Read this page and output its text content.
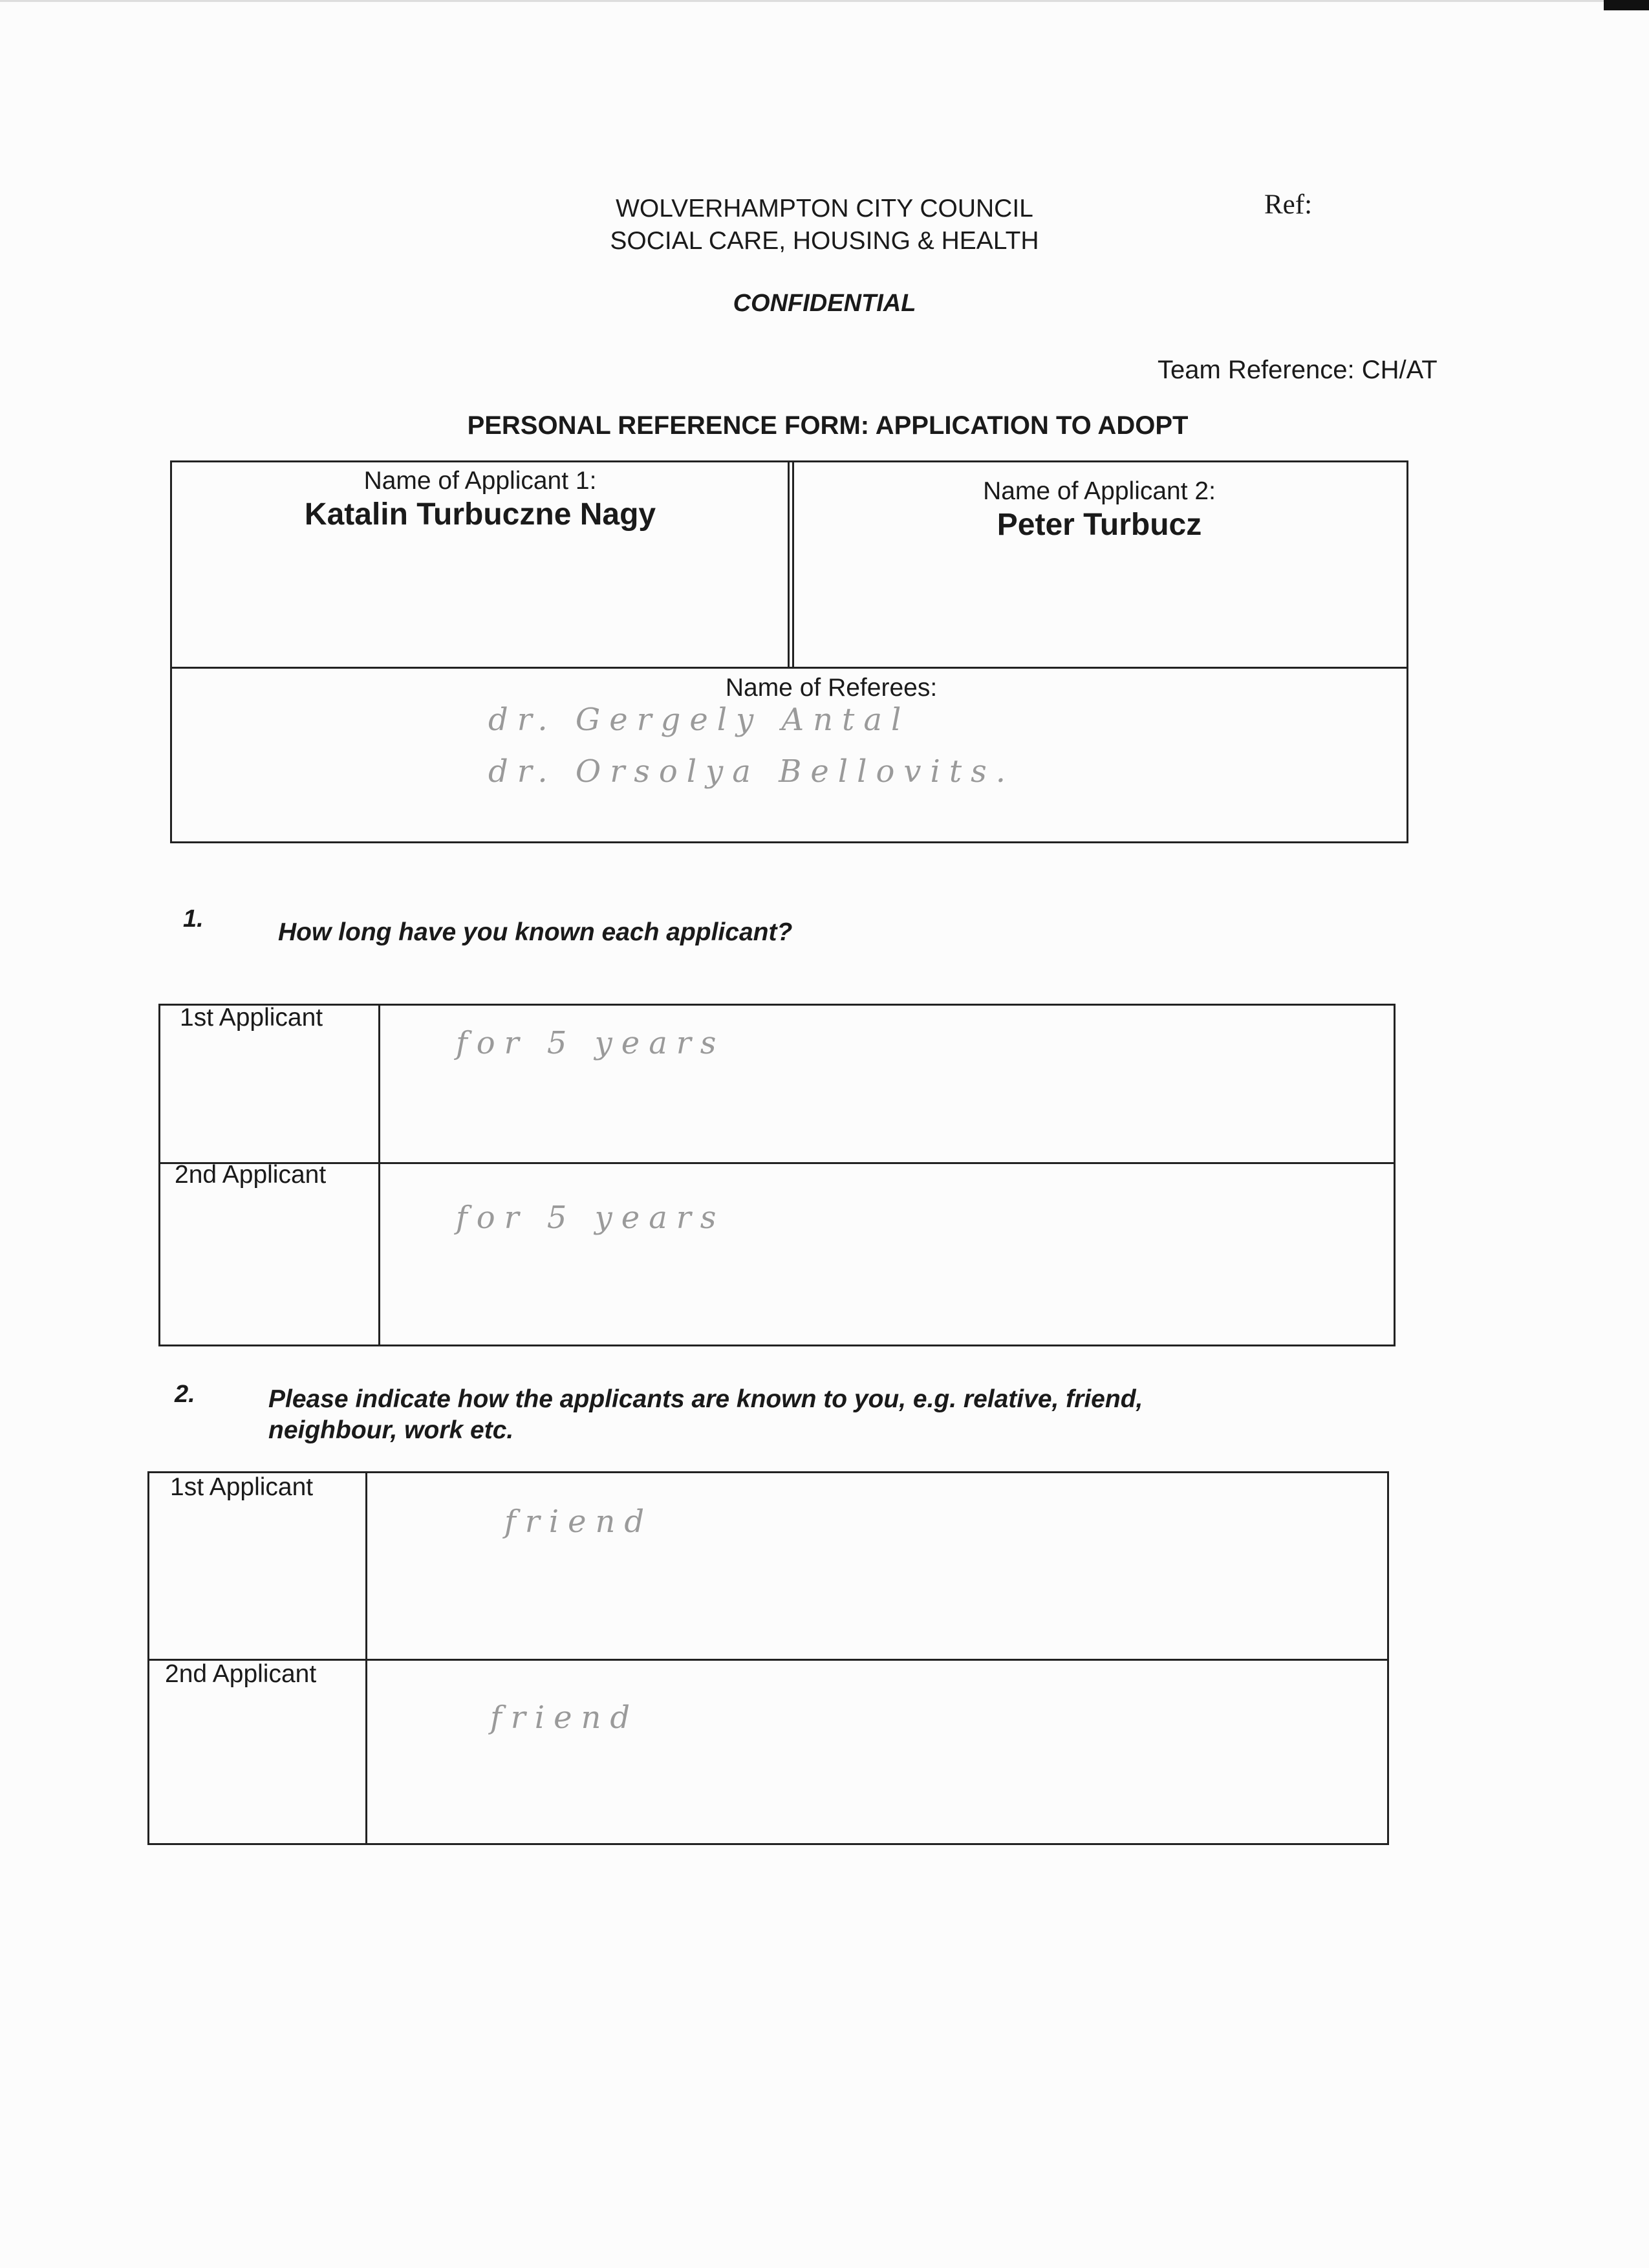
WOLVERHAMPTON CITY COUNCIL
SOCIAL CARE, HOUSING & HEALTH
Ref:
CONFIDENTIAL
Team Reference: CH/AT
PERSONAL REFERENCE FORM: APPLICATION TO ADOPT
Name of Applicant 1:
Katalin Turbuczne Nagy
Name of Applicant 2:
Peter Turbucz
Name of Referees:
dr. Gergely Antal
dr. Orsolya Bellovits.
1.	How long have you known each applicant?
1st Applicant
for 5 years
2nd Applicant
for 5 years
2.	Please indicate how the applicants are known to you, e.g. relative, friend,
neighbour, work etc.
1st Applicant
friend
2nd Applicant
friend
